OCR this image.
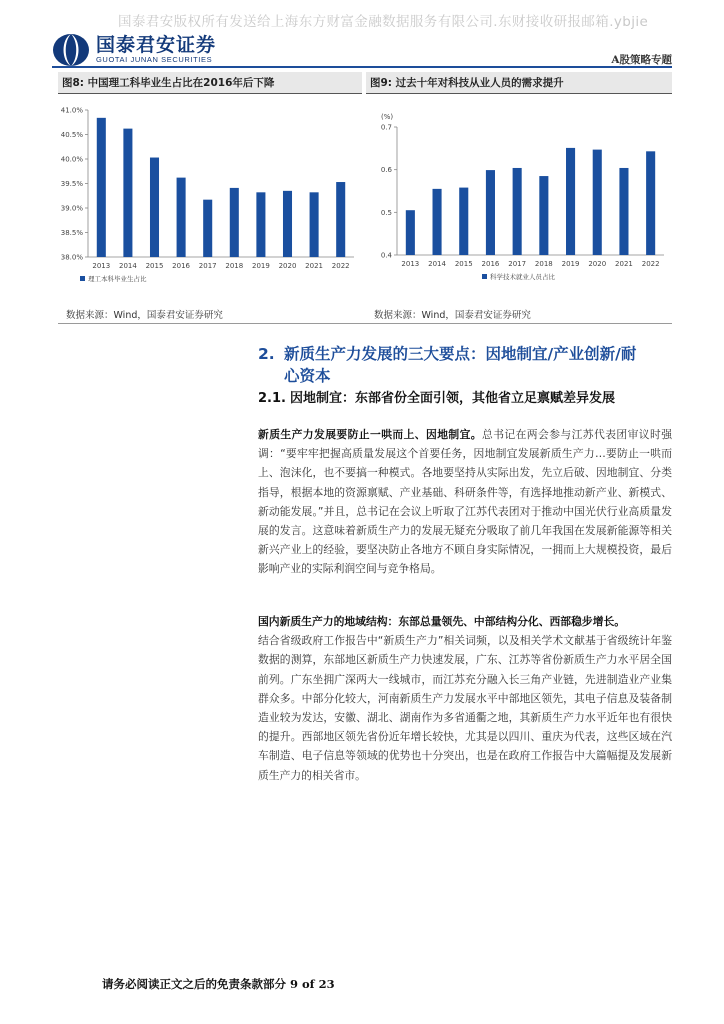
国泰君安版权所有发送给上海东方财富金融数据服务有限公司.东财接收研报邮箱.ybjie
国泰君安证券
GUOTAI JUNAN SECURITIES	A股策略专题
图8: 中国理工科毕业生占比在2016年后下降
38.0%
38.5%
39.0%
39.5%
40.0%
40.5%
41.0%
2013 2014 2015 2016 2017 2018 2019 2020 2021 2022
理工本科毕业生占比
图9: 过去十年对科技从业人员的需求提升
0.4
0.5
0.6
0.7
(%)
2013 2014 2015 2016 2017 2018 2019 2020 2021 2022
科学技术就业人员占比
数据来源：Wind，国泰君安证券研究	数据来源：Wind，国泰君安证券研究
2. 新质生产力发展的三大要点：因地制宜/产业创新/耐
心资本
2.1. 因地制宜：东部省份全面引领，其他省立足禀赋差异发展
新质生产力发展要防止一哄而上、因地制宜。总书记在两会参与江苏代表团审议时强调：“要牢牢把握高质量发展这个首要任务，因地制宜发展新质生产力…要防止一哄而上、泡沫化，也不要搞一种模式。各地要坚持从实际出发，先立后破、因地制宜、分类指导，根据本地的资源禀赋、产业基础、科研条件等，有选择地推动新产业、新模式、新动能发展。”并且，总书记在会议上听取了江苏代表团对于推动中国光伏行业高质量发展的发言。这意味着新质生产力的发展无疑充分吸取了前几年我国在发展新能源等相关新兴产业上的经验，要坚决防止各地方不顾自身实际情况，一拥而上大规模投资，最后影响产业的实际利润空间与竞争格局。
国内新质生产力的地域结构：东部总量领先、中部结构分化、西部稳步增长。
结合省级政府工作报告中“新质生产力”相关词频，以及相关学术文献基于省级统计年鉴数据的测算，东部地区新质生产力快速发展，广东、江苏等省份新质生产力水平居全国前列。广东坐拥广深两大一线城市，而江苏充分融入长三角产业链，先进制造业产业集群众多。中部分化较大，河南新质生产力发展水平中部地区领先，其电子信息及装备制造业较为发达，安徽、湖北、湖南作为多省通衢之地，其新质生产力水平近年也有很快的提升。西部地区领先省份近年增长较快，尤其是以四川、重庆为代表，这些区域在汽车制造、电子信息等领域的优势也十分突出，也是在政府工作报告中大篇幅提及发展新质生产力的相关省市。
请务必阅读正文之后的免责条款部分 9 of 23
